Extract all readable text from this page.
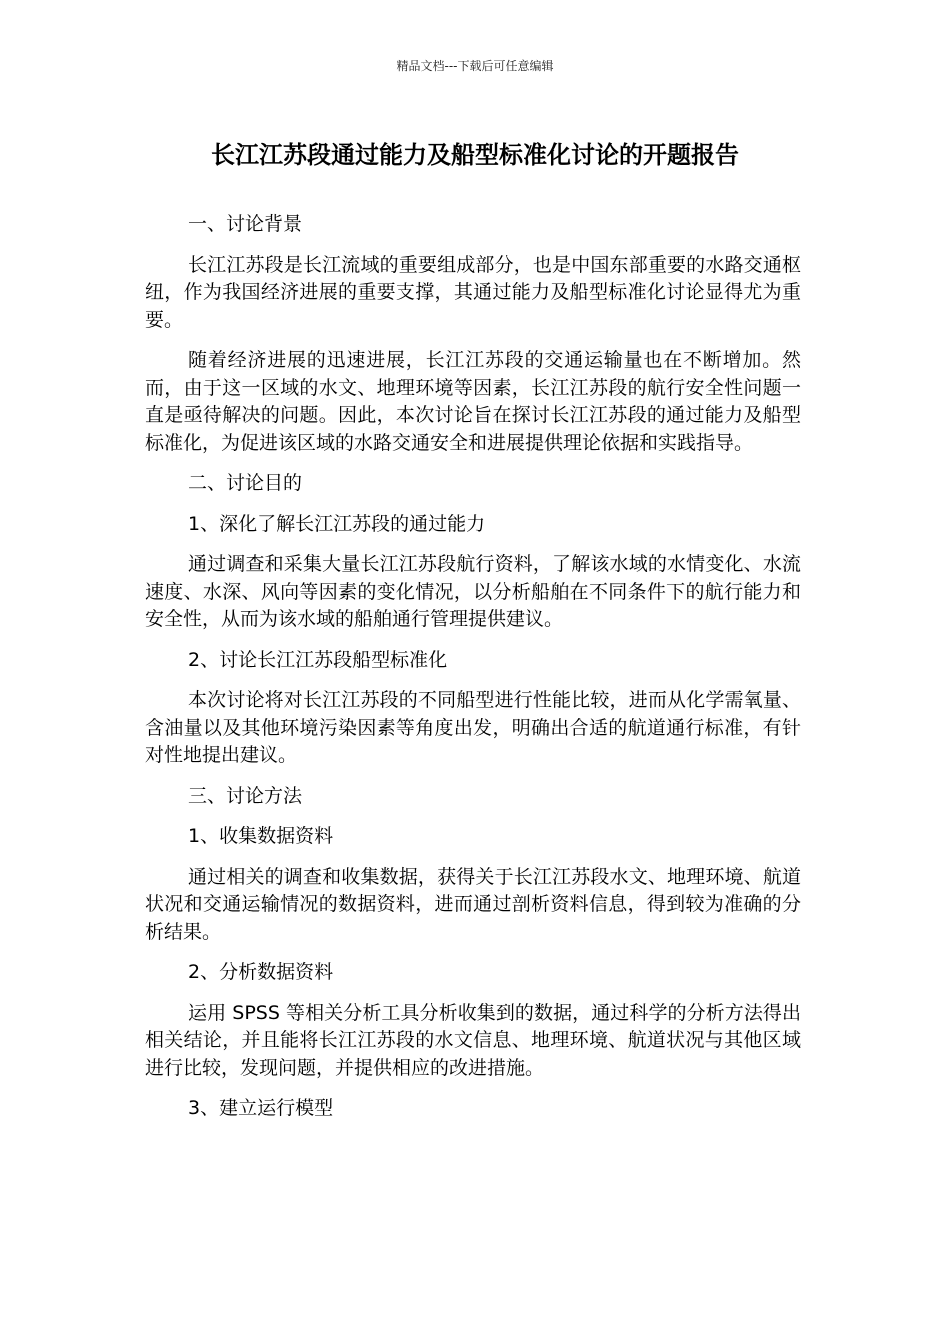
精品文档---下载后可任意编辑
长江江苏段通过能力及船型标准化讨论的开题报告

一、讨论背景

长江江苏段是长江流域的重要组成部分，也是中国东部重要的水路交通枢纽，作为我国经济进展的重要支撑，其通过能力及船型标准化讨论显得尤为重要。

随着经济进展的迅速进展，长江江苏段的交通运输量也在不断增加。然而，由于这一区域的水文、地理环境等因素，长江江苏段的航行安全性问题一直是亟待解决的问题。因此，本次讨论旨在探讨长江江苏段的通过能力及船型标准化，为促进该区域的水路交通安全和进展提供理论依据和实践指导。

二、讨论目的

1、深化了解长江江苏段的通过能力

通过调查和采集大量长江江苏段航行资料，了解该水域的水情变化、水流速度、水深、风向等因素的变化情况，以分析船舶在不同条件下的航行能力和安全性，从而为该水域的船舶通行管理提供建议。

2、讨论长江江苏段船型标准化

本次讨论将对长江江苏段的不同船型进行性能比较，进而从化学需氧量、含油量以及其他环境污染因素等角度出发，明确出合适的航道通行标准，有针对性地提出建议。

三、讨论方法

1、收集数据资料

通过相关的调查和收集数据，获得关于长江江苏段水文、地理环境、航道状况和交通运输情况的数据资料，进而通过剖析资料信息，得到较为准确的分析结果。

2、分析数据资料

运用 SPSS 等相关分析工具分析收集到的数据，通过科学的分析方法得出相关结论，并且能将长江江苏段的水文信息、地理环境、航道状况与其他区域进行比较，发现问题，并提供相应的改进措施。

3、建立运行模型
